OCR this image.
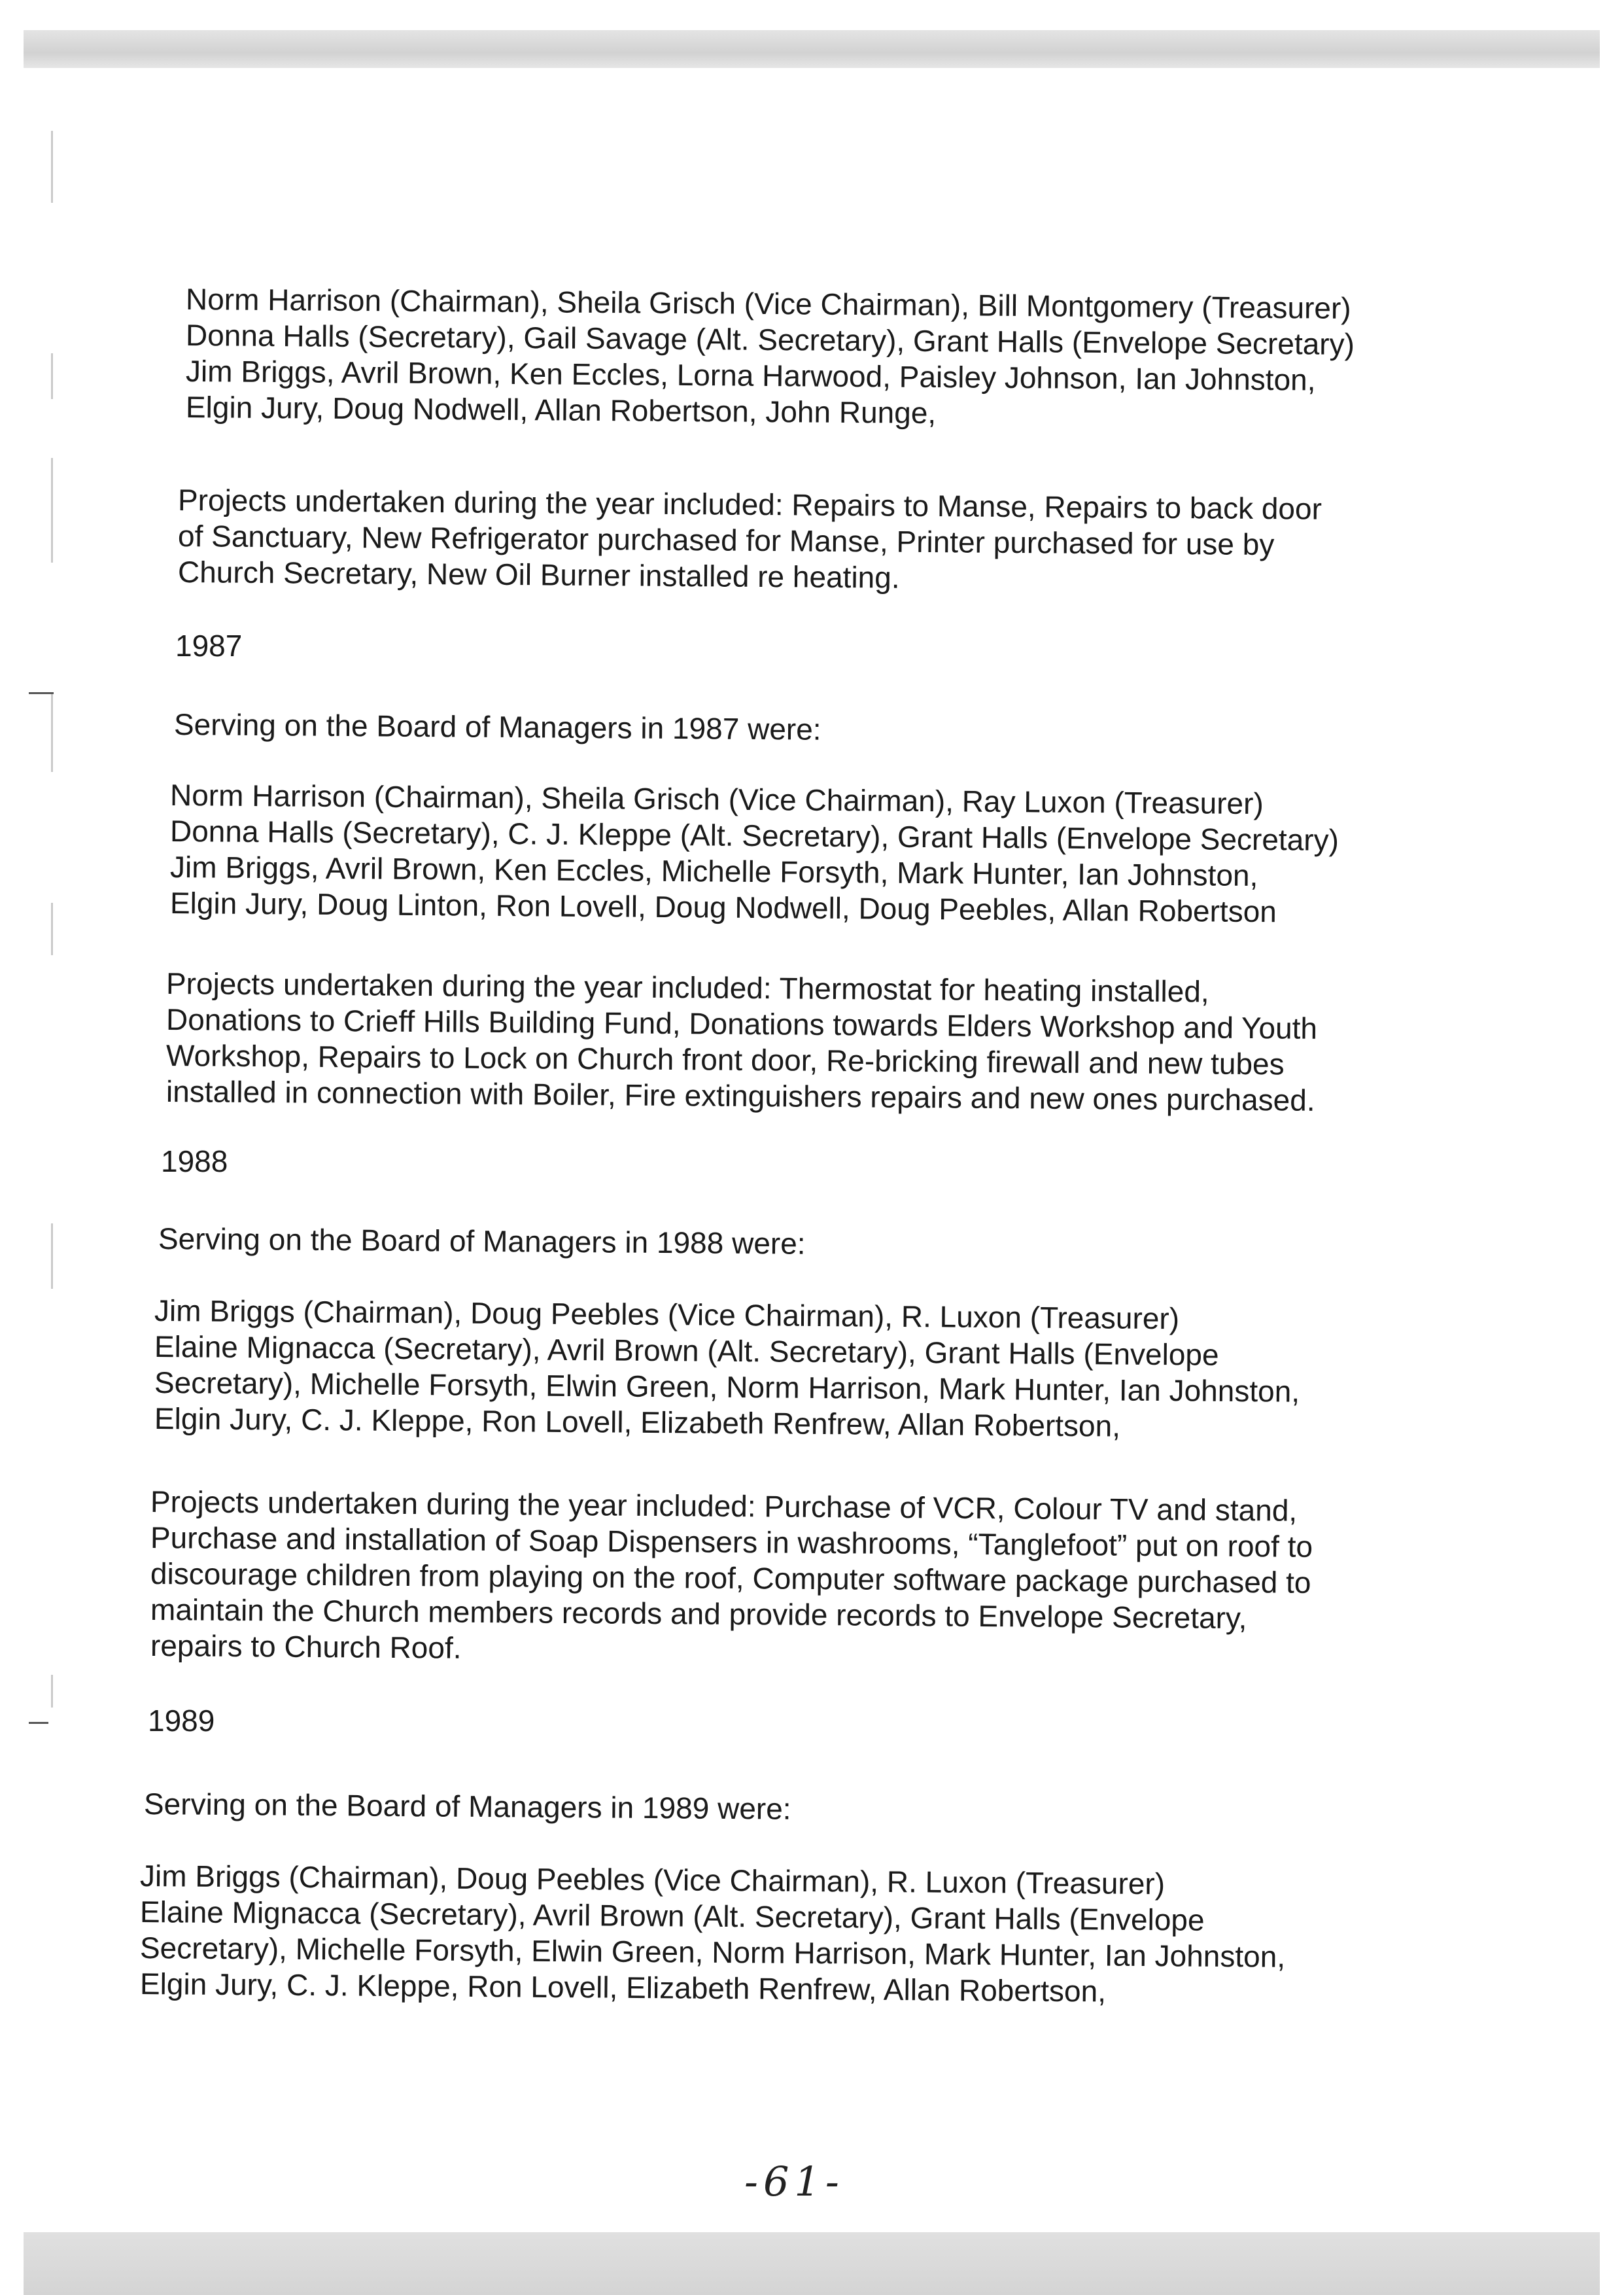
Norm Harrison (Chairman), Sheila Grisch (Vice Chairman), Bill Montgomery (Treasurer)
Donna Halls (Secretary), Gail Savage (Alt. Secretary), Grant Halls (Envelope Secretary)
Jim Briggs, Avril Brown, Ken Eccles, Lorna Harwood, Paisley Johnson, Ian Johnston,
Elgin Jury, Doug Nodwell, Allan Robertson, John Runge,
Projects undertaken during the year included: Repairs to Manse, Repairs to back door
of Sanctuary, New Refrigerator purchased for Manse, Printer purchased for use by
Church Secretary, New Oil Burner installed re heating.
1987
Serving on the Board of Managers in 1987 were:
Norm Harrison (Chairman), Sheila Grisch (Vice Chairman), Ray Luxon (Treasurer)
Donna Halls (Secretary), C. J. Kleppe (Alt. Secretary), Grant Halls (Envelope Secretary)
Jim Briggs, Avril Brown, Ken Eccles, Michelle Forsyth, Mark Hunter, Ian Johnston,
Elgin Jury, Doug Linton, Ron Lovell, Doug Nodwell, Doug Peebles, Allan Robertson
Projects undertaken during the year included: Thermostat for heating installed,
Donations to Crieff Hills Building Fund, Donations towards Elders Workshop and Youth
Workshop, Repairs to Lock on Church front door, Re-bricking firewall and new tubes
installed in connection with Boiler, Fire extinguishers repairs and new ones purchased.
1988
Serving on the Board of Managers in 1988 were:
Jim Briggs (Chairman), Doug Peebles (Vice Chairman), R. Luxon (Treasurer)
Elaine Mignacca (Secretary), Avril Brown (Alt. Secretary), Grant Halls (Envelope
Secretary), Michelle Forsyth, Elwin Green, Norm Harrison, Mark Hunter, Ian Johnston,
Elgin Jury, C. J. Kleppe, Ron Lovell, Elizabeth Renfrew, Allan Robertson,
Projects undertaken during the year included: Purchase of VCR, Colour TV and stand,
Purchase and installation of Soap Dispensers in washrooms, “Tanglefoot” put on roof to
discourage children from playing on the roof, Computer software package purchased to
maintain the Church members records and provide records to Envelope Secretary,
repairs to Church Roof.
1989
Serving on the Board of Managers in 1989 were:
Jim Briggs (Chairman), Doug Peebles (Vice Chairman), R. Luxon (Treasurer)
Elaine Mignacca (Secretary), Avril Brown (Alt. Secretary), Grant Halls (Envelope
Secretary), Michelle Forsyth, Elwin Green, Norm Harrison, Mark Hunter, Ian Johnston,
Elgin Jury, C. J. Kleppe, Ron Lovell, Elizabeth Renfrew, Allan Robertson,
-61-
